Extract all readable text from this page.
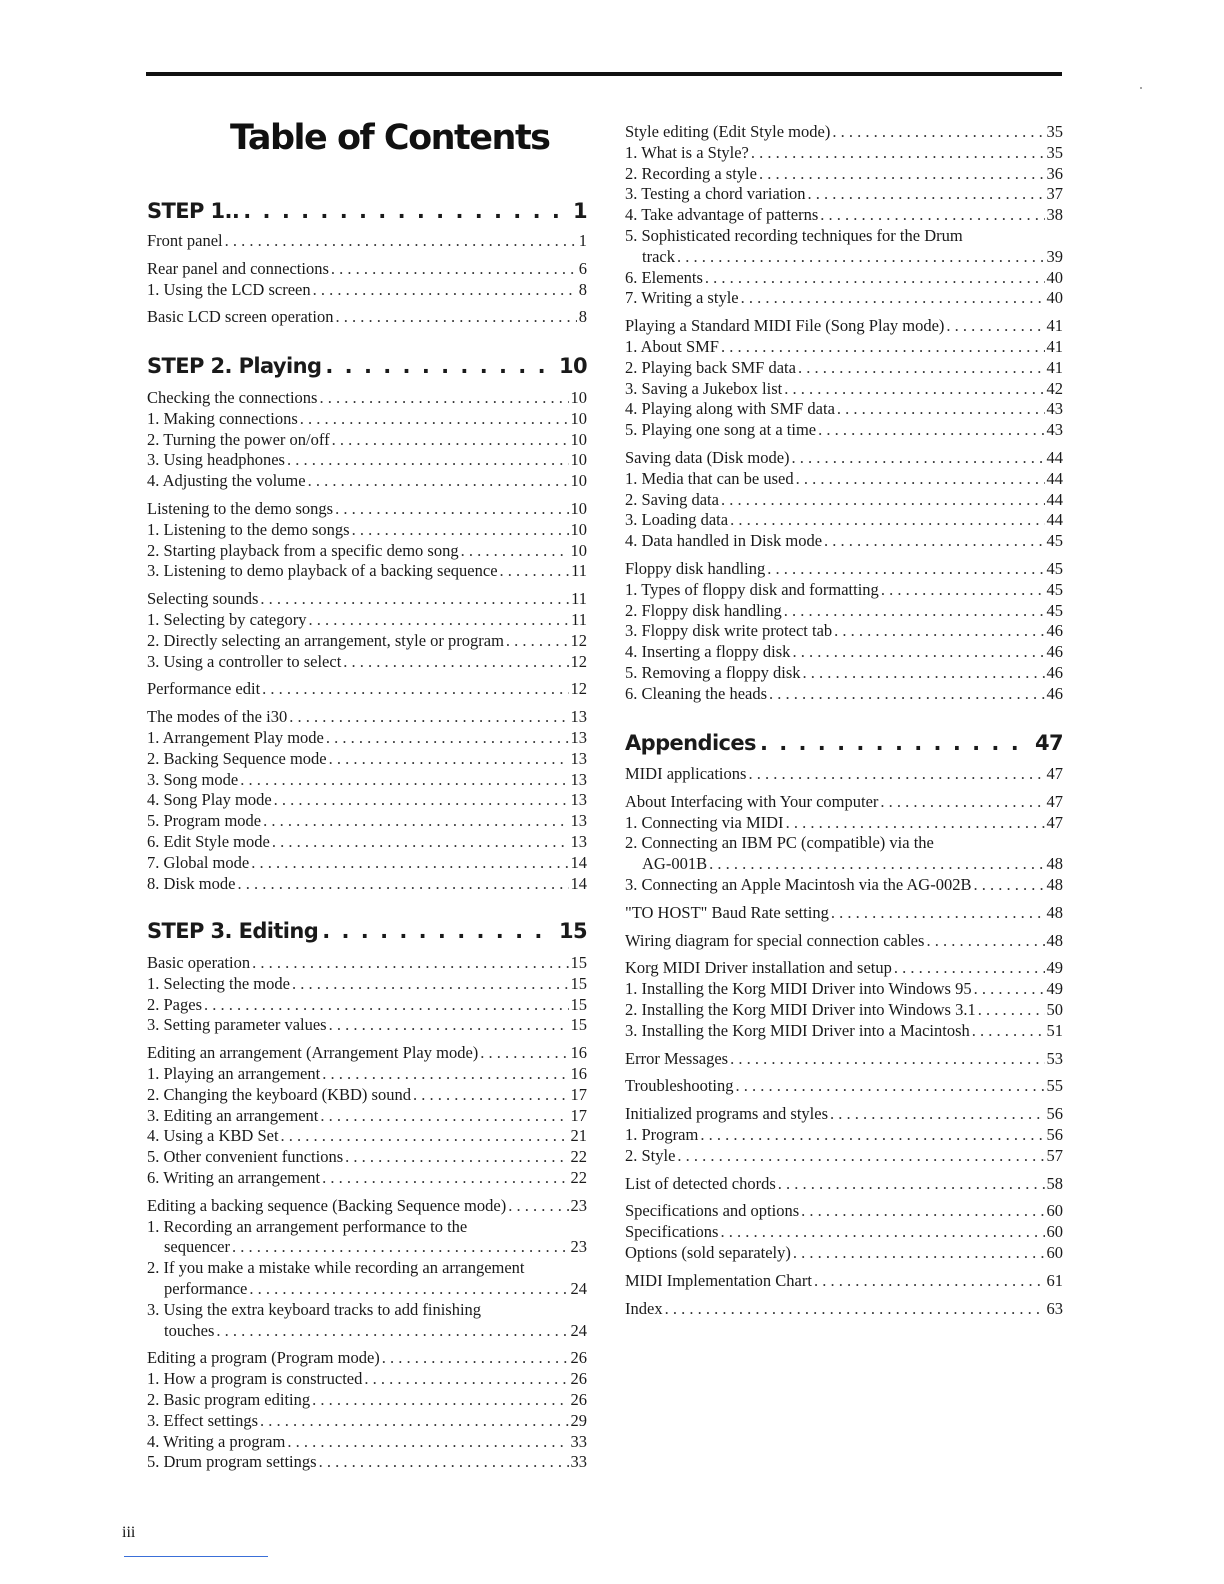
Table of Contents
STEP 1.. . . .	1
Front panel . . .	1
Rear panel and connections . . .	6
1. Using the LCD screen . . .	8
Basic LCD screen operation . . .	8
STEP 2. Playing . . .	10
Checking the connections . . .	10
1. Making connections . . .	10
2. Turning the power on/off . . .	10
3. Using headphones . . .	10
4. Adjusting the volume . . .	10
Listening to the demo songs . . .	10
1. Listening to the demo songs . . .	10
2. Starting playback from a specific demo song . . .	10
3. Listening to demo playback of a backing sequence . . .	11
Selecting sounds . . .	11
1. Selecting by category . . .	11
2. Directly selecting an arrangement, style or program . . .	12
3. Using a controller to select . . .	12
Performance edit . . .	12
The modes of the i30 . . .	13
1. Arrangement Play mode . . .	13
2. Backing Sequence mode . . .	13
3. Song mode . . .	13
4. Song Play mode . . .	13
5. Program mode . . .	13
6. Edit Style mode . . .	13
7. Global mode . . .	14
8. Disk mode . . .	14
STEP 3. Editing . . .	15
Basic operation . . .	15
1. Selecting the mode . . .	15
2. Pages . . .	15
3. Setting parameter values . . .	15
Editing an arrangement (Arrangement Play mode) . . .	16
1. Playing an arrangement . . .	16
2. Changing the keyboard (KBD) sound . . .	17
3. Editing an arrangement . . .	17
4. Using a KBD Set . . .	21
5. Other convenient functions . . .	22
6. Writing an arrangement . . .	22
Editing a backing sequence (Backing Sequence mode) . . .	23
1. Recording an arrangement performance to the
sequencer . . .	23
2. If you make a mistake while recording an arrangement
performance . . .	24
3. Using the extra keyboard tracks to add finishing
touches . . .	24
Editing a program (Program mode) . . .	26
1. How a program is constructed . . .	26
2. Basic program editing . . .	26
3. Effect settings . . .	29
4. Writing a program . . .	33
5. Drum program settings . . .	33
Style editing (Edit Style mode) . . .	35
1. What is a Style? . . .	35
2. Recording a style . . .	36
3. Testing a chord variation . . .	37
4. Take advantage of patterns . . .	38
5. Sophisticated recording techniques for the Drum
track . . .	39
6. Elements . . .	40
7. Writing a style . . .	40
Playing a Standard MIDI File (Song Play mode) . . .	41
1. About SMF . . .	41
2. Playing back SMF data . . .	41
3. Saving a Jukebox list . . .	42
4. Playing along with SMF data . . .	43
5. Playing one song at a time . . .	43
Saving data (Disk mode) . . .	44
1. Media that can be used . . .	44
2. Saving data . . .	44
3. Loading data . . .	44
4. Data handled in Disk mode . . .	45
Floppy disk handling . . .	45
1. Types of floppy disk and formatting . . .	45
2. Floppy disk handling . . .	45
3. Floppy disk write protect tab . . .	46
4. Inserting a floppy disk . . .	46
5. Removing a floppy disk . . .	46
6. Cleaning the heads . . .	46
Appendices . . .	47
MIDI applications . . .	47
About Interfacing with Your computer . . .	47
1. Connecting via MIDI . . .	47
2. Connecting an IBM PC (compatible) via the
AG-001B . . .	48
3. Connecting an Apple Macintosh via the AG-002B . . .	48
"TO HOST" Baud Rate setting . . .	48
Wiring diagram for special connection cables . . .	48
Korg MIDI Driver installation and setup . . .	49
1. Installing the Korg MIDI Driver into Windows 95 . . .	49
2. Installing the Korg MIDI Driver into Windows 3.1 . . .	50
3. Installing the Korg MIDI Driver into a Macintosh . . .	51
Error Messages . . .	53
Troubleshooting . . .	55
Initialized programs and styles . . .	56
1. Program . . .	56
2. Style . . .	57
List of detected chords . . .	58
Specifications and options . . .	60
Specifications . . .	60
Options (sold separately) . . .	60
MIDI Implementation Chart . . .	61
Index . . .	63
iii
